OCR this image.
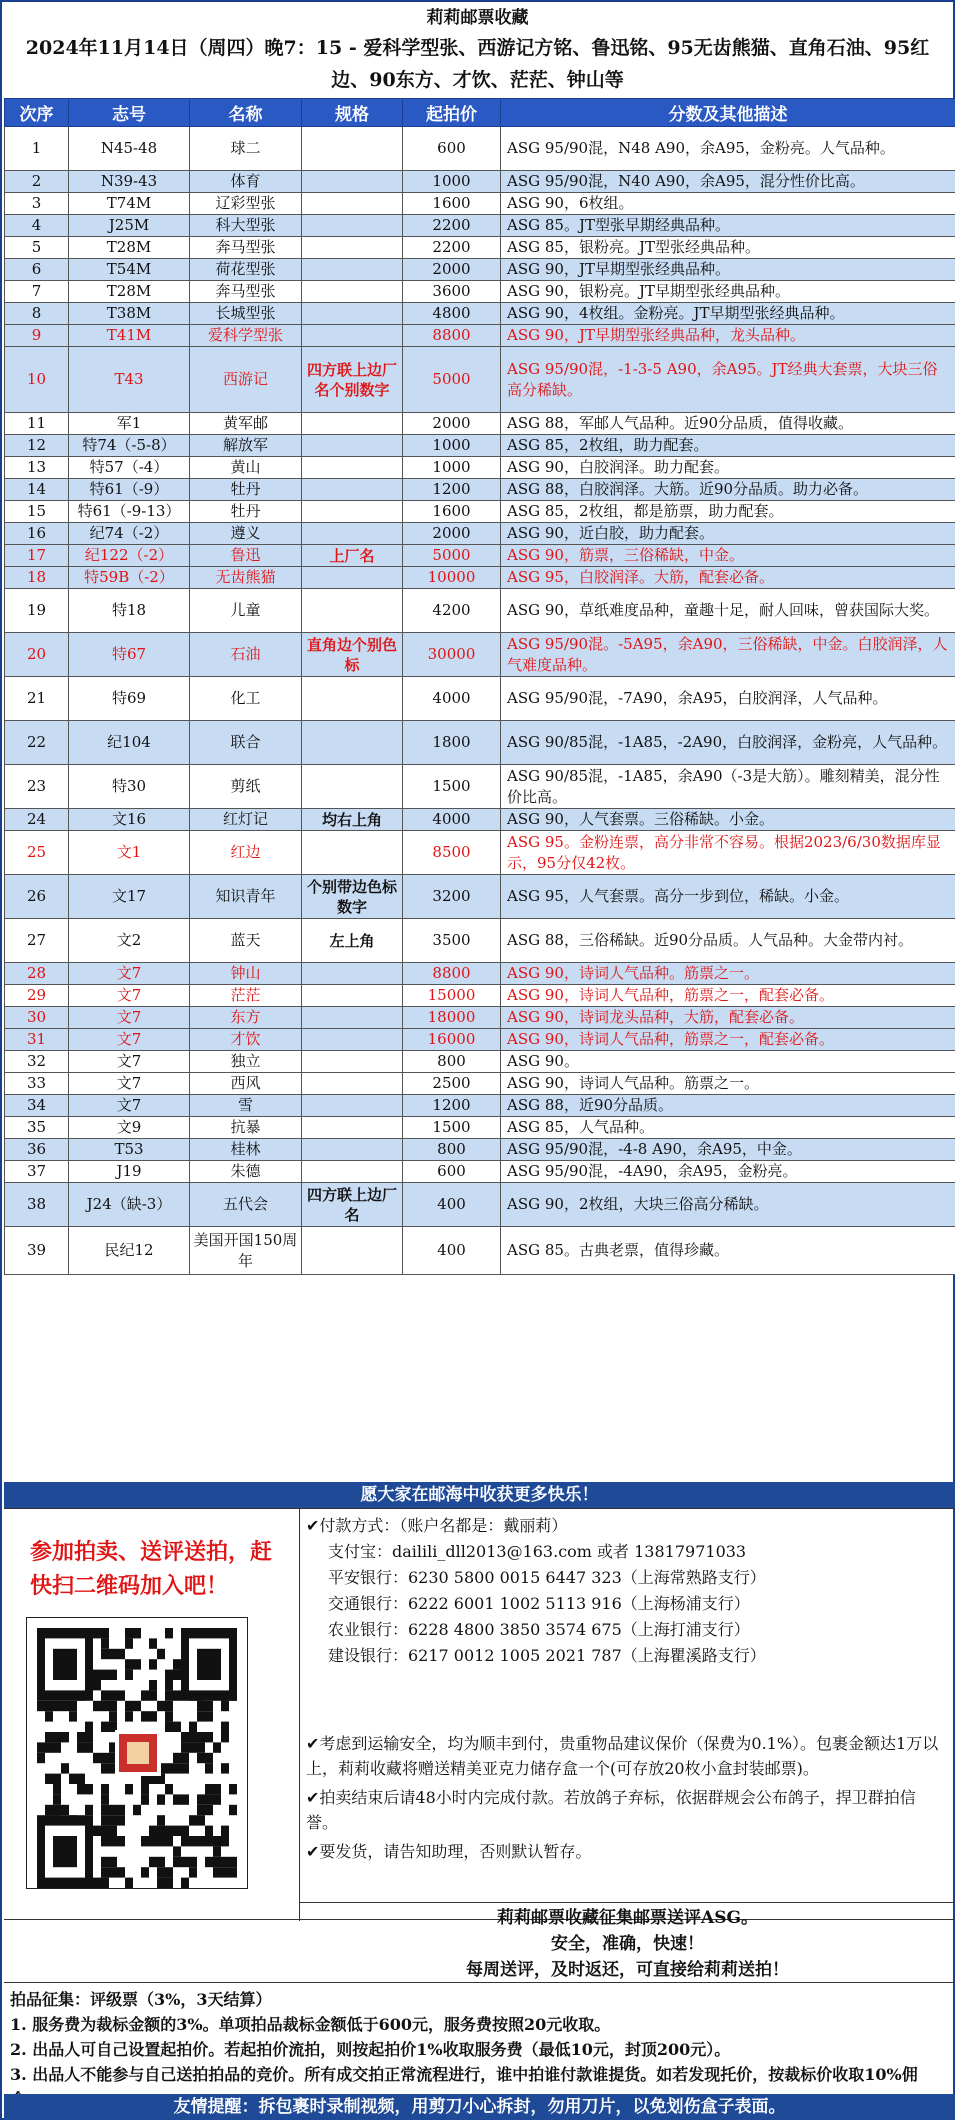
莉莉邮票收藏
2024年11月14日（周四）晚7：15 - 爱科学型张、西游记方铭、鲁迅铭、95无齿熊猫、直角石油、95红边、90东方、才饮、茫茫、钟山等
次序	志号	名称	规格	起拍价	分数及其他描述
1	N45-48	球二		600	ASG 95/90混，N48 A90，余A95，金粉亮。人气品种。
2	N39-43	体育		1000	ASG 95/90混，N40 A90，余A95，混分性价比高。
3	T74M	辽彩型张		1600	ASG 90，6枚组。
4	J25M	科大型张		2200	ASG 85。JT型张早期经典品种。
5	T28M	奔马型张		2200	ASG 85，银粉亮。JT型张经典品种。
6	T54M	荷花型张		2000	ASG 90，JT早期型张经典品种。
7	T28M	奔马型张		3600	ASG 90，银粉亮。JT早期型张经典品种。
8	T38M	长城型张		4800	ASG 90，4枚组。金粉亮。JT早期型张经典品种。
9	T41M	爱科学型张		8800	ASG 90，JT早期型张经典品种，龙头品种。
10	T43	西游记	四方联上边厂名个别数字	5000	ASG 95/90混，-1-3-5 A90，余A95。JT经典大套票，大块三俗高分稀缺。
11	军1	黄军邮		2000	ASG 88，军邮人气品种。近90分品质，值得收藏。
12	特74（-5-8）	解放军		1000	ASG 85，2枚组，助力配套。
13	特57（-4）	黄山		1000	ASG 90，白胶润泽。助力配套。
14	特61（-9）	牡丹		1200	ASG 88，白胶润泽。大筋。近90分品质。助力必备。
15	特61（-9-13）	牡丹		1600	ASG 85，2枚组，都是筋票，助力配套。
16	纪74（-2）	遵义		2000	ASG 90，近白胶，助力配套。
17	纪122（-2）	鲁迅	上厂名	5000	ASG 90，筋票，三俗稀缺，中金。
18	特59B（-2）	无齿熊猫		10000	ASG 95，白胶润泽。大筋，配套必备。
19	特18	儿童		4200	ASG 90，草纸难度品种，童趣十足，耐人回味，曾获国际大奖。
20	特67	石油	直角边个别色标	30000	ASG 95/90混。-5A95，余A90，三俗稀缺，中金。白胶润泽，人气难度品种。
21	特69	化工		4000	ASG 95/90混，-7A90，余A95，白胶润泽，人气品种。
22	纪104	联合		1800	ASG 90/85混，-1A85，-2A90，白胶润泽，金粉亮，人气品种。
23	特30	剪纸		1500	ASG 90/85混，-1A85，余A90（-3是大筋）。雕刻精美，混分性价比高。
24	文16	红灯记	均右上角	4000	ASG 90，人气套票。三俗稀缺。小金。
25	文1	红边		8500	ASG 95。金粉连票，高分非常不容易。根据2023/6/30数据库显示，95分仅42枚。
26	文17	知识青年	个别带边色标数字	3200	ASG 95，人气套票。高分一步到位，稀缺。小金。
27	文2	蓝天	左上角	3500	ASG 88，三俗稀缺。近90分品质。人气品种。大金带内衬。
28	文7	钟山		8800	ASG 90，诗词人气品种。筋票之一。
29	文7	茫茫		15000	ASG 90，诗词人气品种，筋票之一，配套必备。
30	文7	东方		18000	ASG 90，诗词龙头品种，大筋，配套必备。
31	文7	才饮		16000	ASG 90，诗词人气品种，筋票之一，配套必备。
32	文7	独立		800	ASG 90。
33	文7	西风		2500	ASG 90，诗词人气品种。筋票之一。
34	文7	雪		1200	ASG 88，近90分品质。
35	文9	抗暴		1500	ASG 85，人气品种。
36	T53	桂林		800	ASG 95/90混，-4-8 A90，余A95，中金。
37	J19	朱德		600	ASG 95/90混，-4A90，余A95，金粉亮。
38	J24（缺-3）	五代会	四方联上边厂名	400	ASG 90，2枚组，大块三俗高分稀缺。
39	民纪12	美国开国150周年		400	ASG 85。古典老票，值得珍藏。
愿大家在邮海中收获更多快乐！
参加拍卖、送评送拍，赶快扫二维码加入吧！
✔付款方式：（账户名都是：戴丽莉）
支付宝：dailili_dll2013@163.com 或者 13817971033
平安银行：6230 5800 0015 6447 323（上海常熟路支行）
交通银行：6222 6001 1002 5113 916（上海杨浦支行）
农业银行：6228 4800 3850 3574 675（上海打浦支行）
建设银行：6217 0012 1005 2021 787（上海瞿溪路支行）

✔考虑到运输安全，均为顺丰到付，贵重物品建议保价（保费为0.1%）。包裹金额达1万以上，莉莉收藏将赠送精美亚克力储存盒一个(可存放20枚小盒封装邮票)。

✔拍卖结束后请48小时内完成付款。若放鸽子弃标，依据群规会公布鸽子，捍卫群拍信誉。

✔要发货，请告知助理，否则默认暂存。

莉莉邮票收藏征集邮票送评ASG。
安全，准确，快速！
每周送评，及时返还，可直接给莉莉送拍！

拍品征集：评级票（3%，3天结算）

1. 服务费为裁标金额的3%。单项拍品裁标金额低于600元，服务费按照20元收取。

2. 出品人可自己设置起拍价。若起拍价流拍，则按起拍价1%收取服务费（最低10元，封顶200元）。

3. 出品人不能参与自己送拍拍品的竞价。所有成交拍正常流程进行，谁中拍谁付款谁提货。如若发现托价，按裁标价收取10%佣

友情提醒：拆包裹时录制视频，用剪刀小心拆封，勿用刀片，以免划伤盒子表面。
